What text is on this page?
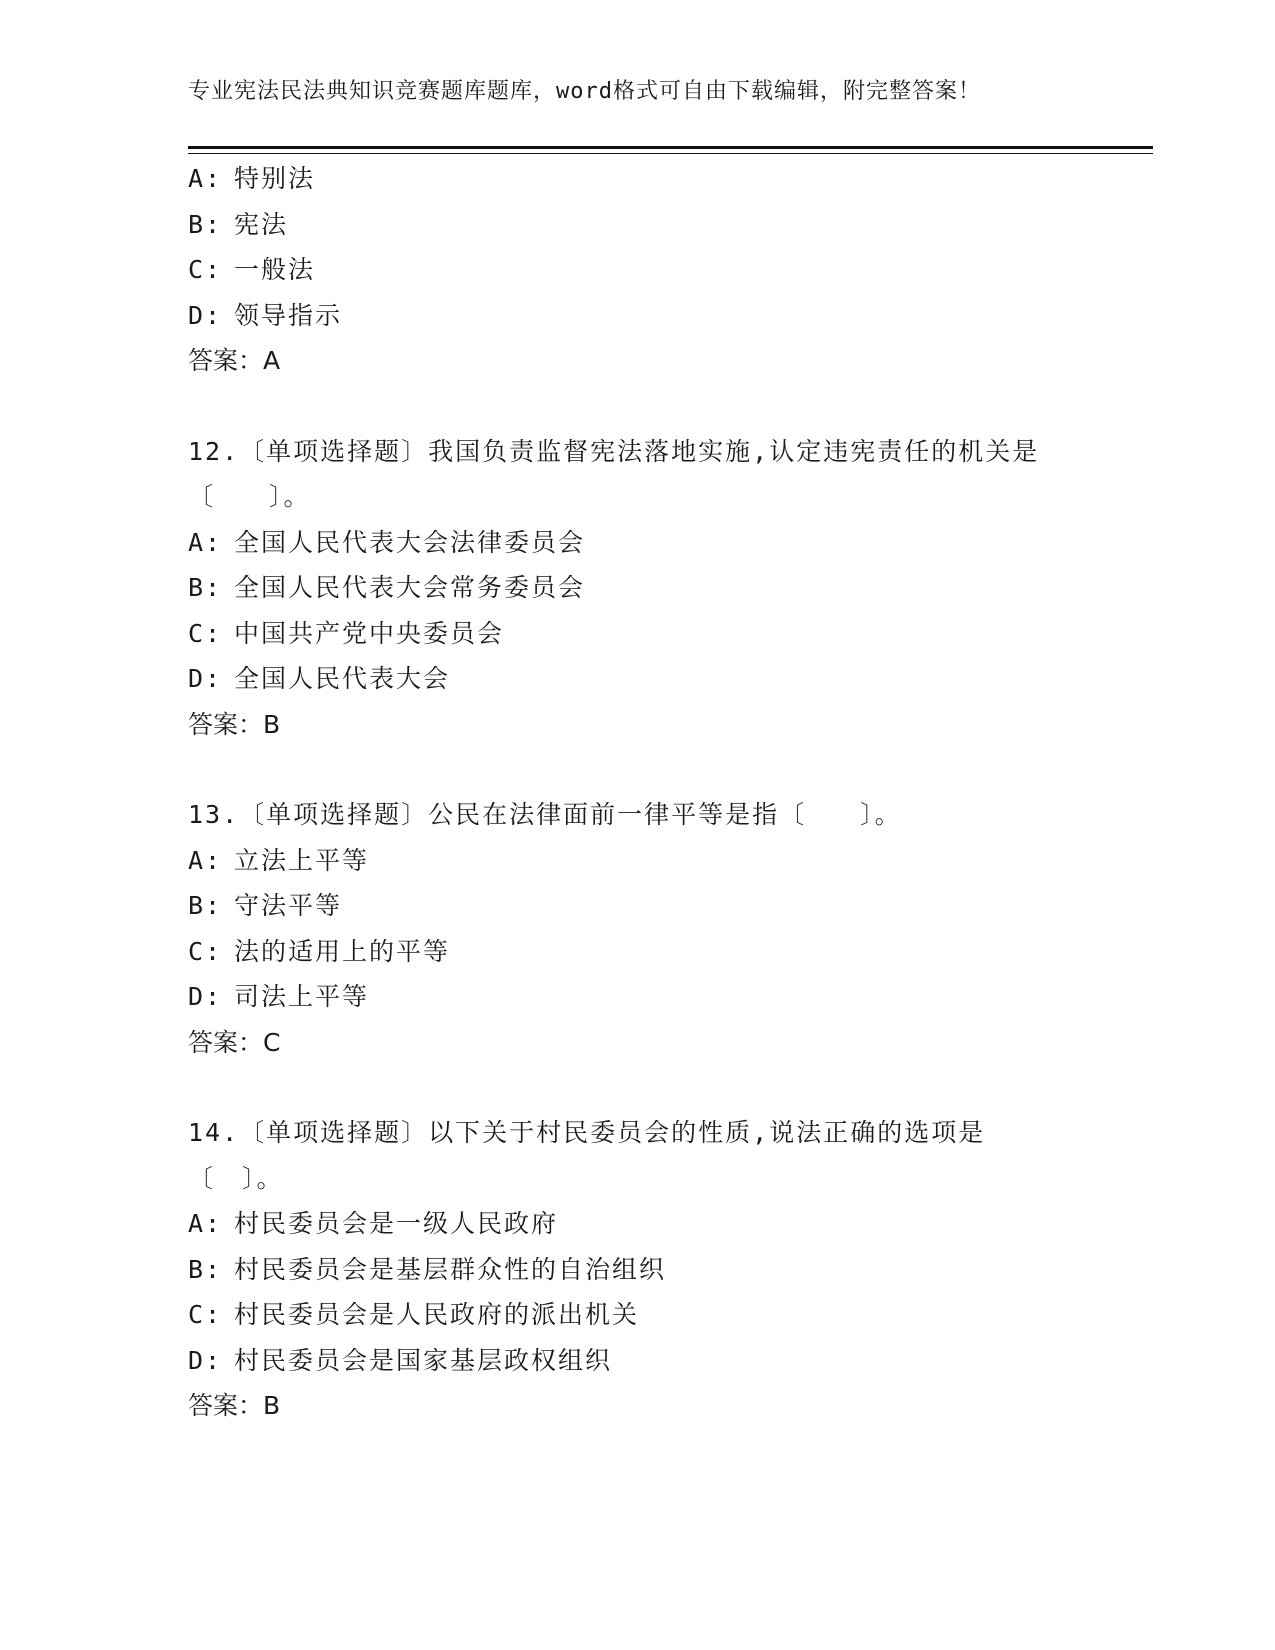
专业宪法民法典知识竞赛题库题库，word格式可自由下载编辑，附完整答案！
A: 特别法
B: 宪法
C: 一般法
D: 领导指示
答案：A
12.〔单项选择题〕我国负责监督宪法落地实施,认定违宪责任的机关是〔　　〕。
A: 全国人民代表大会法律委员会
B: 全国人民代表大会常务委员会
C: 中国共产党中央委员会
D: 全国人民代表大会
答案：B
13.〔单项选择题〕公民在法律面前一律平等是指〔　　〕。
A: 立法上平等
B: 守法平等
C: 法的适用上的平等
D: 司法上平等
答案：C
14.〔单项选择题〕以下关于村民委员会的性质,说法正确的选项是〔　〕。
A: 村民委员会是一级人民政府
B: 村民委员会是基层群众性的自治组织
C: 村民委员会是人民政府的派出机关
D: 村民委员会是国家基层政权组织
答案：B
